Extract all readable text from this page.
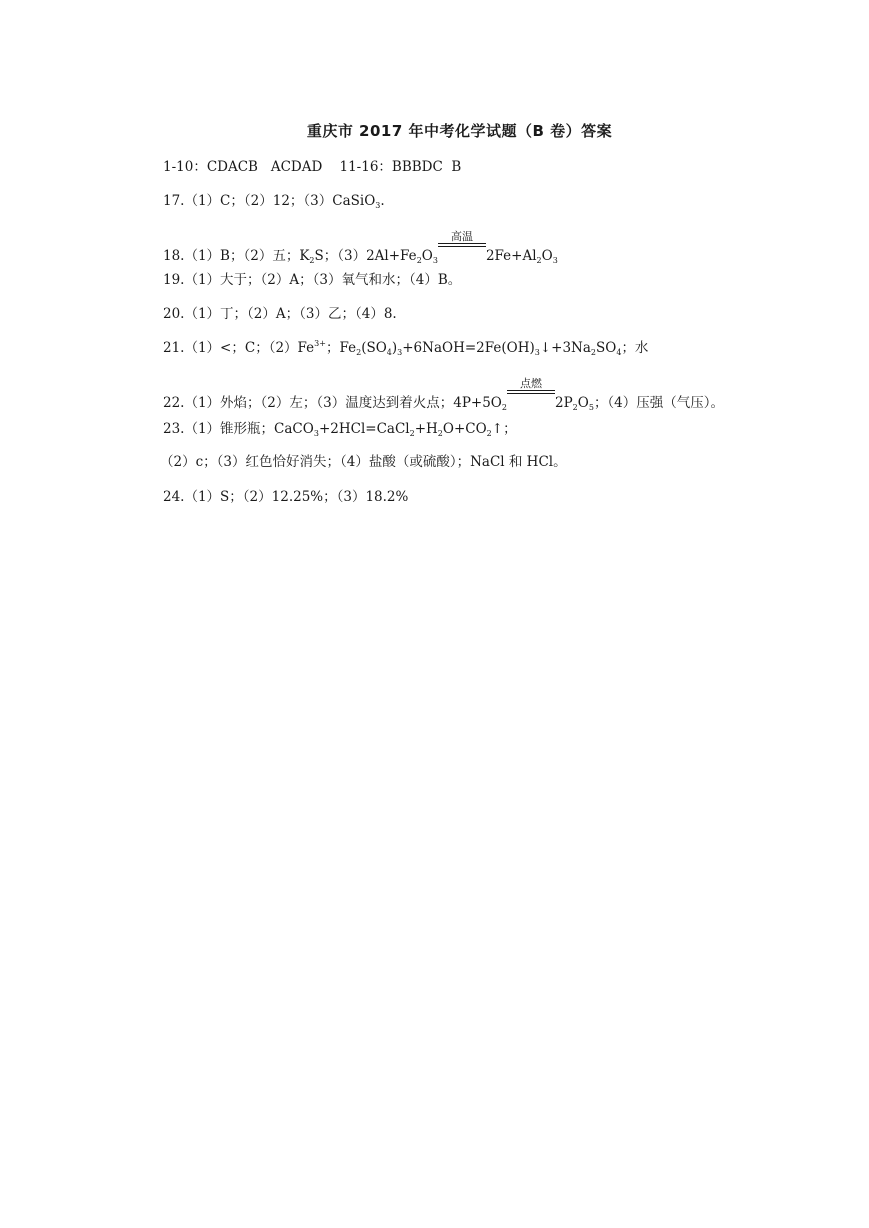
重庆市 2017 年中考化学试题（B 卷）答案
1-10：CDACB   ACDAD    11-16：BBBDC  B
17.（1）C；（2）12；（3）CaSiO$_3$.
18.（1）B；（2）五；$K_2S$；$(3)2Al+Fe_2O_3$
高温
$2Fe+Al_2O_3$
19.（1）大于；（2）A；（3）氧气和水；（4）B。
20.（1）丁；（2）A；（3）乙；（4）8.
21.（1）<；C；$(2)Fe^{3+}$；$Fe_2(SO_4)_3+6NaOH=2Fe(OH)_3↓+3Na_2SO_4$；水
22.（1）外焰；（2）左；（3）温度达到着火点；$4P+5O_2$
点燃
$2P_2O_5$；（4）压强（气压）。
23.（1）锥形瓶；$CaCO_3+2HCl=CaCl_2+H_2O+CO_2↑$；
（2）c；（3）红色恰好消失；（4）盐酸（或硫酸）；NaCl 和 HCl。
24.（1）S；（2）12.25%；（3）18.2%
